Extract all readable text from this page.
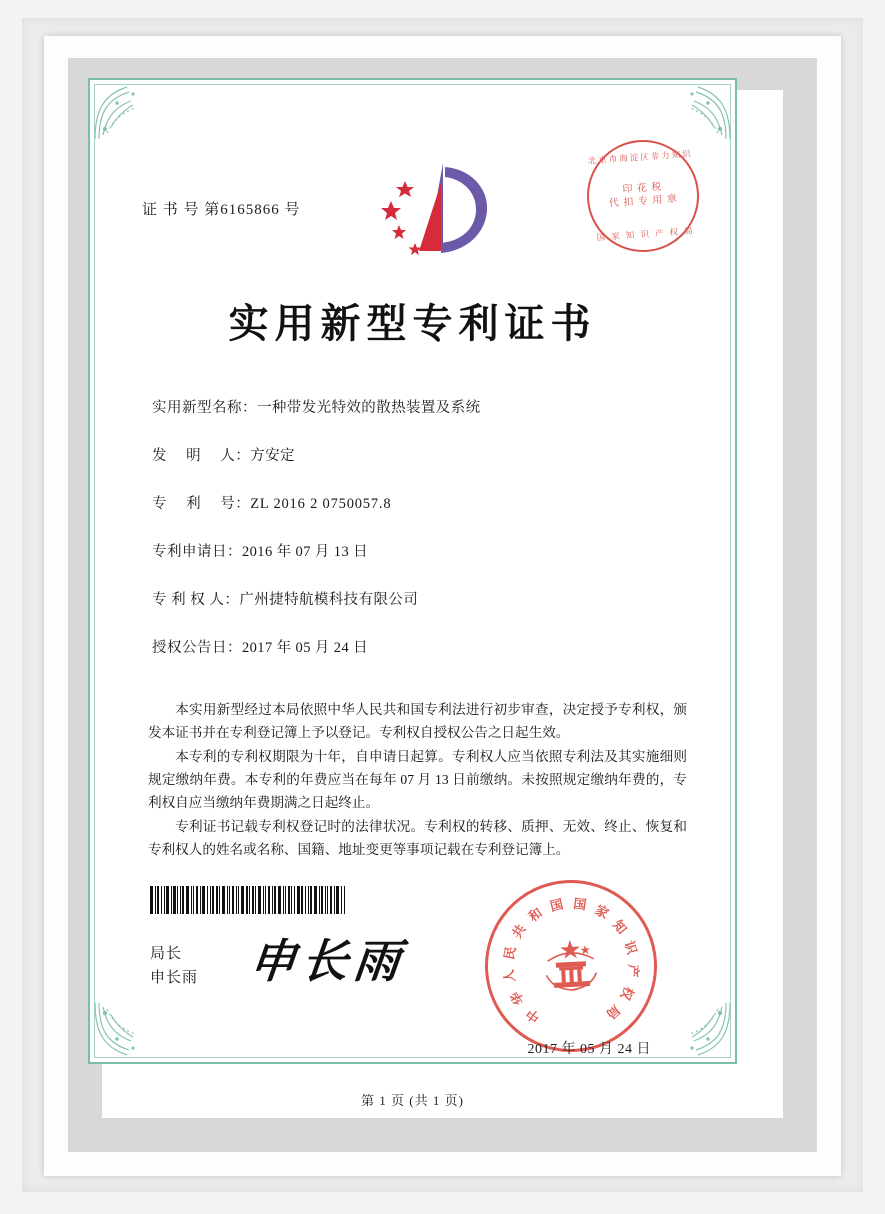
证 书 号 第6165866 号
北京市海淀区非力知识
印 花 税
代 扣 专 用 章
国 家 知 识 产 权 局
实用新型专利证书
实用新型名称： 一种带发光特效的散热装置及系统
发　 明　 人： 方安定
专　 利　 号： ZL 2016 2 0750057.8
专利申请日： 2016 年 07 月 13 日
专 利 权 人： 广州捷特航模科技有限公司
授权公告日： 2017 年 05 月 24 日

本实用新型经过本局依照中华人民共和国专利法进行初步审查，决定授予专利权，颁发本证书并在专利登记簿上予以登记。专利权自授权公告之日起生效。

本专利的专利权期限为十年，自申请日起算。专利权人应当依照专利法及其实施细则规定缴纳年费。本专利的年费应当在每年 07 月 13 日前缴纳。未按照规定缴纳年费的，专利权自应当缴纳年费期满之日起终止。

专利证书记载专利权登记时的法律状况。专利权的转移、质押、无效、终止、恢复和专利权人的姓名或名称、国籍、地址变更等事项记载在专利登记簿上。

局长
申长雨 申长雨
中
华
人
民
共
和 国 国 家
知
识
产
权
局
2017 年 05 月 24 日
第 1 页 (共 1 页)
